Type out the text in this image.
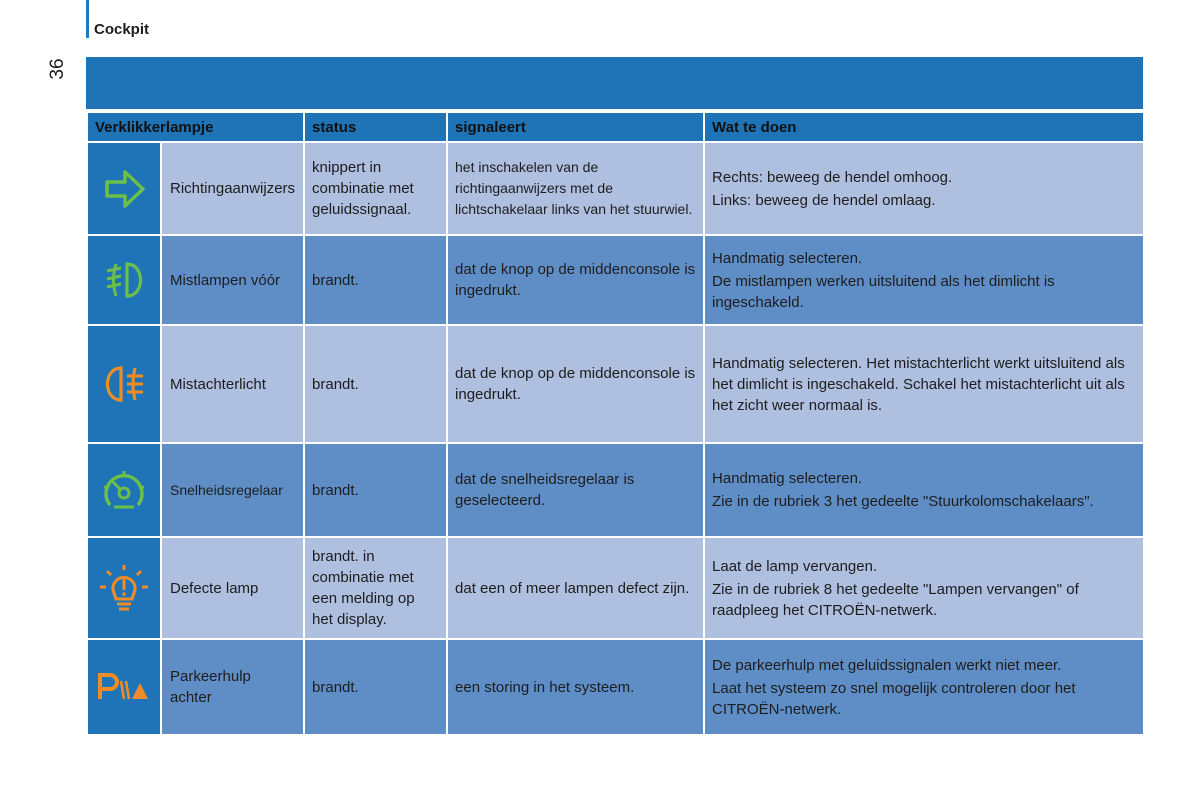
Cockpit
36
Verklikkerlampje		status	signaleert	Wat te doen

	Richtingaanwijzers	knippert in combinatie met geluidssignaal.	het inschakelen van de richtingaanwijzers met de lichtschakelaar links van het stuurwiel.	Rechts: beweeg de hendel omhoog.

Links: beweeg de hendel omlaag.

	Mistlampen vóór	brandt.	dat de knop op de middenconsole is ingedrukt.	Handmatig selecteren.

De mistlampen werken uitsluitend als het dimlicht is ingeschakeld.

	Mistachterlicht	brandt.	dat de knop op de middenconsole is ingedrukt.	Handmatig selecteren. Het mistachterlicht werkt uitsluitend als het dimlicht is ingeschakeld. Schakel het mistachterlicht uit als het zicht weer normaal is.

	Snelheidsregelaar	brandt.	dat de snelheidsregelaar is geselecteerd.	Handmatig selecteren.

Zie in de rubriek 3 het gedeelte "Stuurkolomschakelaars".

	Defecte lamp	brandt. in combinatie met een melding op het display.	dat een of meer lampen defect zijn.	Laat de lamp vervangen.

Zie in de rubriek 8 het gedeelte "Lampen vervangen" of raadpleeg het CITROËN-netwerk.

	Parkeerhulp achter	brandt.	een storing in het systeem.	De parkeerhulp met geluidssignalen werkt niet meer.

Laat het systeem zo snel mogelijk controleren door het CITROËN-netwerk.
